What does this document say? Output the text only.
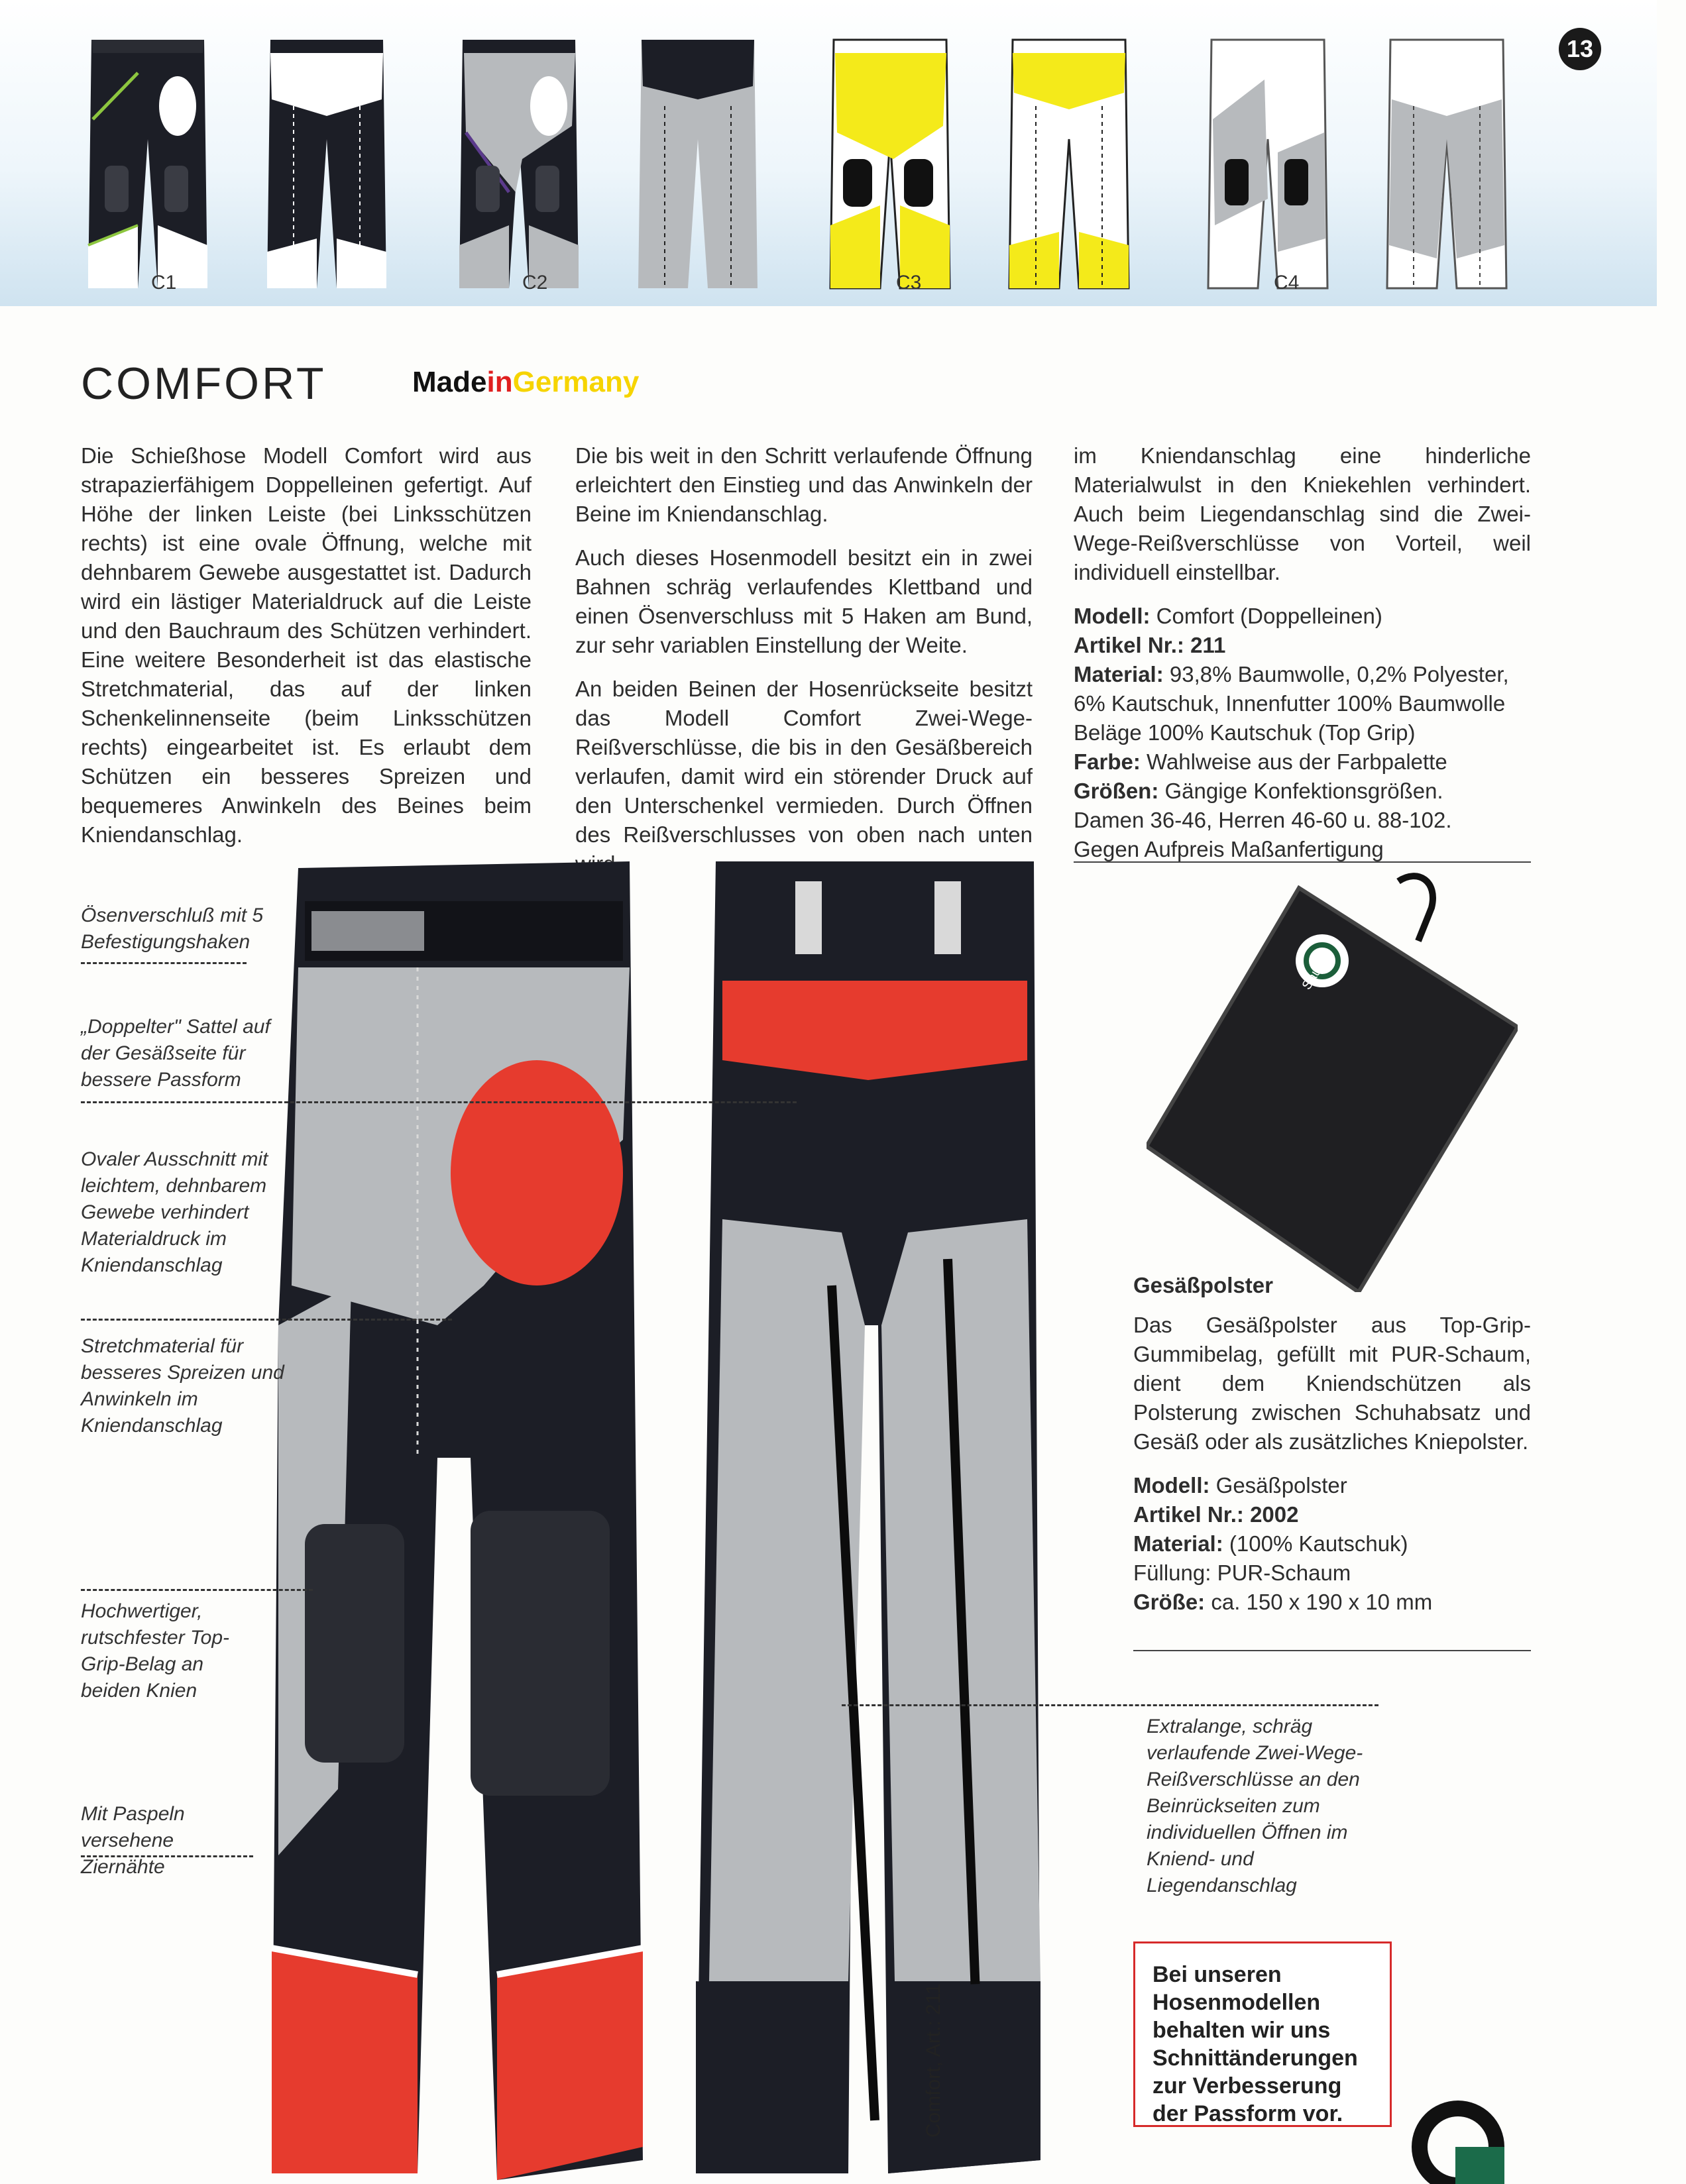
C1	C2	C3	C4
13
COMFORT	MadeinGermany

Die Schießhose Modell Comfort wird aus strapazierfähigem Doppelleinen gefertigt. Auf Höhe der linken Leiste (bei Linksschützen rechts) ist eine ovale Öffnung, welche mit dehnbarem Gewebe ausgestattet ist. Dadurch wird ein lästiger Materialdruck auf die Leiste und den Bauchraum des Schützen verhindert. Eine weitere Besonderheit ist das elastische Stretchmaterial, das auf der linken Schenkelinnenseite (beim Linksschützen rechts) eingearbeitet ist. Es erlaubt dem Schützen ein besseres Spreizen und bequemeres Anwinkeln des Beines beim Kniendanschlag.

Die bis weit in den Schritt verlaufende Öffnung erleichtert den Einstieg und das Anwinkeln der Beine im Kniendanschlag.

Auch dieses Hosenmodell besitzt ein in zwei Bahnen schräg verlaufendes Klettband und einen Ösenverschluss mit 5 Haken am Bund, zur sehr variablen Einstellung der Weite.

An beiden Beinen der Hosenrückseite besitzt das Modell Comfort Zwei-Wege-Reißverschlüsse, die bis in den Gesäßbereich verlaufen, damit wird ein störender Druck auf den Unterschenkel vermieden. Durch Öffnen des Reißverschlusses von oben nach unten

im Kniendanschlag eine hinderliche Materialwulst in den Kniekehlen verhindert. Auch beim Liegendanschlag sind die Zwei-Wege-Reißverschlüsse von Vorteil, weil individuell einstellbar.

Modell: Comfort (Doppelleinen)
Artikel Nr.: 211
Material: 93,8% Baumwolle, 0,2% Polyester, 6% Kautschuk, Innenfutter 100% Baumwolle Beläge 100% Kautschuk (Top Grip)
Farbe: Wahlweise aus der Farbpalette
Größen: Gängige Konfektionsgrößen.
Damen 36-46, Herren 46-60 u. 88-102.
Gegen Aufpreis Maßanfertigung
Ösenverschluß mit 5 Befestigungshaken
„Doppelter" Sattel auf der Gesäßseite für bessere Passform
Ovaler Ausschnitt mit leichtem, dehnbarem Gewebe verhindert Materialdruck im Kniendanschlag
Stretchmaterial für besseres Spreizen und Anwinkeln im Kniendanschlag
Hochwertiger, rutschfester Top-Grip-Belag an beiden Knien
Mit Paspeln versehene Ziernähte
Extralange, schräg verlaufende Zwei-Wege-Reißverschlüsse an den Beinrückseiten zum individuellen Öffnen im Kniend- und Liegendanschlag
Comfort, Art.: 211
Sauer
Gesäßpolster

Das Gesäßpolster aus Top-Grip-Gummibelag, gefüllt mit PUR-Schaum, dient dem Kniendschützen als Polsterung zwischen Schuhabsatz und Gesäß oder als zusätzliches Kniepolster.

Modell: Gesäßpolster
Artikel Nr.: 2002
Material: (100% Kautschuk)
Füllung: PUR-Schaum
Größe: ca. 150 x 190 x 10 mm
Bei unseren Hosenmodellen behalten wir uns Schnittänderungen zur Verbesserung der Passform vor.
